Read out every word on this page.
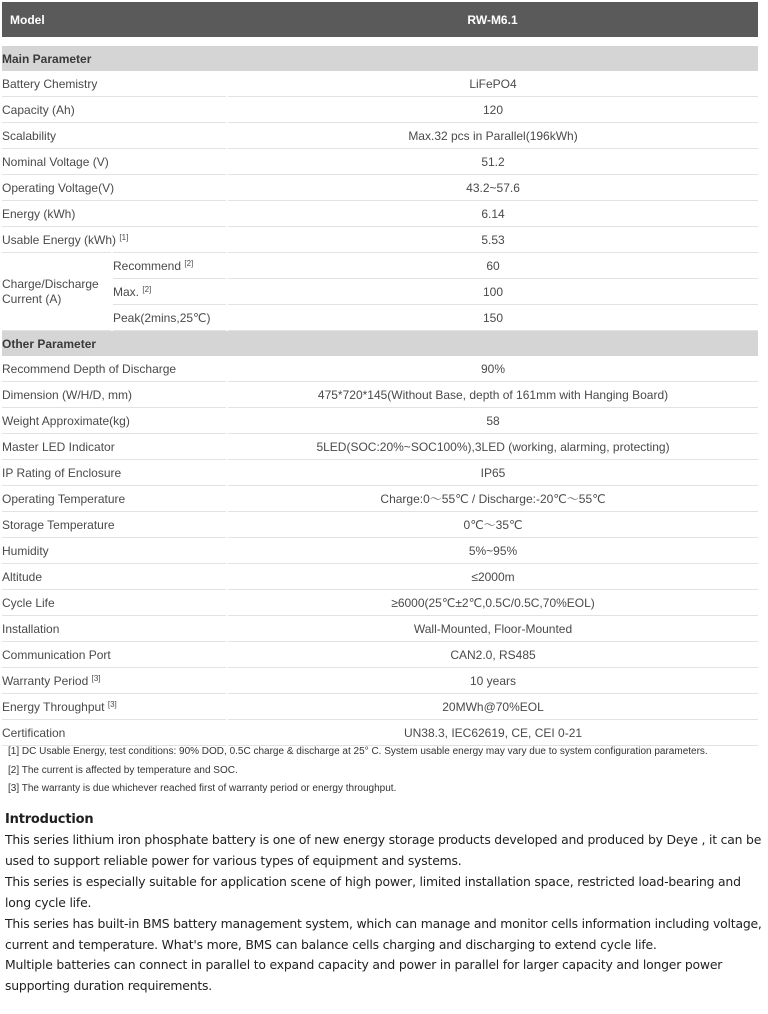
Model		RW-M6.1

Main Parameter		
Battery Chemistry		LiFePO4
Capacity (Ah)		120
Scalability		Max.32 pcs in Parallel(196kWh)
Nominal Voltage (V)		51.2
Operating Voltage(V)		43.2~57.6
Energy (kWh)		6.14
Usable Energy (kWh) [1]		5.53
Charge/Discharge Current (A)	Recommend [2]	60
	Max. [2]	100
	Peak(2mins,25℃)	150
Other Parameter		
Recommend Depth of Discharge		90%
Dimension (W/H/D, mm)		475*720*145(Without Base, depth of 161mm with Hanging Board)
Weight Approximate(kg)		58
Master LED Indicator		5LED(SOC:20%~SOC100%),3LED (working, alarming, protecting)
IP Rating of Enclosure		IP65
Operating Temperature		Charge:0～55℃ / Discharge:-20℃～55℃
Storage Temperature		0℃～35℃
Humidity		5%~95%
Altitude		≤2000m
Cycle Life		≥6000(25℃±2℃,0.5C/0.5C,70%EOL)
Installation		Wall-Mounted, Floor-Mounted
Communication Port		CAN2.0, RS485
Warranty Period [3]		10 years
Energy Throughput [3]		20MWh@70%EOL
Certification		UN38.3, IEC62619, CE, CEI 0-21
[1] DC Usable Energy, test conditions: 90% DOD, 0.5C charge & discharge at 25° C. System usable energy may vary due to system configuration parameters.
[2] The current is affected by temperature and SOC.
[3] The warranty is due whichever reached first of warranty period or energy throughput.
Introduction

This series lithium iron phosphate battery is one of new energy storage products developed and produced by Deye , it can be used to support reliable power for various types of equipment and systems.

This series is especially suitable for application scene of high power, limited installation space, restricted load-bearing and long cycle life.

This series has built-in BMS battery management system, which can manage and monitor cells information including voltage, current and temperature. What's more, BMS can balance cells charging and discharging to extend cycle life.

Multiple batteries can connect in parallel to expand capacity and power in parallel for larger capacity and longer power supporting duration requirements.
